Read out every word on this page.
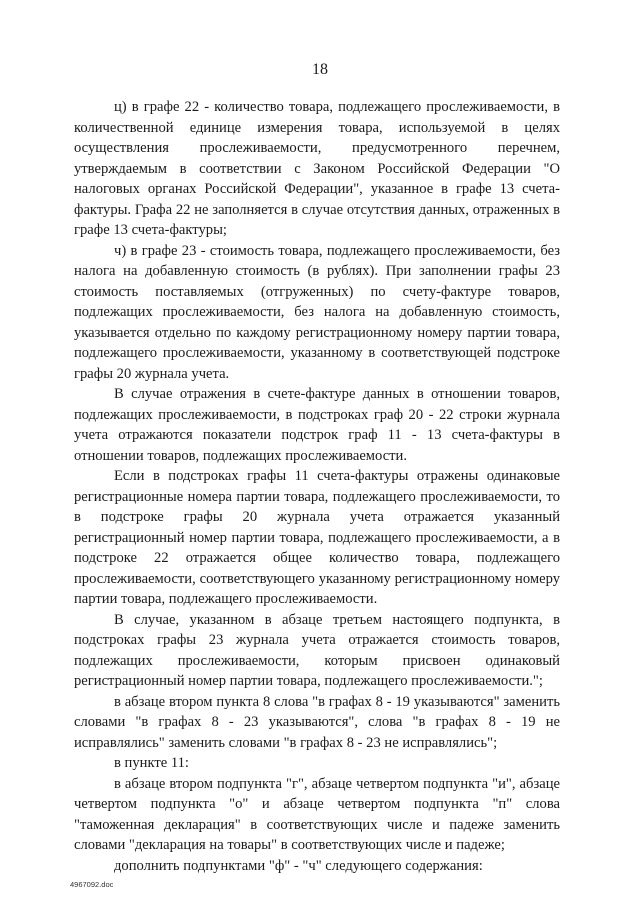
18

ц) в графе 22 - количество товара, подлежащего прослеживаемости, в количественной единице измерения товара, используемой в целях осуществления прослеживаемости, предусмотренного перечнем, утверждаемым в соответствии с Законом Российской Федерации "О налоговых органах Российской Федерации", указанное в графе 13 счета-фактуры. Графа 22 не заполняется в случае отсутствия данных, отраженных в графе 13 счета-фактуры;

ч) в графе 23 - стоимость товара, подлежащего прослеживаемости, без налога на добавленную стоимость (в рублях). При заполнении графы 23 стоимость поставляемых (отгруженных) по счету-фактуре товаров, подлежащих прослеживаемости, без налога на добавленную стоимость, указывается отдельно по каждому регистрационному номеру партии товара, подлежащего прослеживаемости, указанному в соответствующей подстроке графы 20 журнала учета.

В случае отражения в счете-фактуре данных в отношении товаров, подлежащих прослеживаемости, в подстроках граф 20 - 22 строки журнала учета отражаются показатели подстрок граф 11 - 13 счета-фактуры в отношении товаров, подлежащих прослеживаемости.

Если в подстроках графы 11 счета-фактуры отражены одинаковые регистрационные номера партии товара, подлежащего прослеживаемости, то в подстроке графы 20 журнала учета отражается указанный регистрационный номер партии товара, подлежащего прослеживаемости, а в подстроке 22 отражается общее количество товара, подлежащего прослеживаемости, соответствующего указанному регистрационному номеру партии товара, подлежащего прослеживаемости.

В случае, указанном в абзаце третьем настоящего подпункта, в подстроках графы 23 журнала учета отражается стоимость товаров, подлежащих прослеживаемости, которым присвоен одинаковый регистрационный номер партии товара, подлежащего прослеживаемости.";

в абзаце втором пункта 8 слова "в графах 8 - 19 указываются" заменить словами "в графах 8 - 23 указываются", слова "в графах 8 - 19 не исправлялись" заменить словами "в графах 8 - 23 не исправлялись";

в пункте 11:

в абзаце втором подпункта "г", абзаце четвертом подпункта "и", абзаце четвертом подпункта "о" и абзаце четвертом подпункта "п" слова "таможенная декларация" в соответствующих числе и падеже заменить словами "декларация на товары" в соответствующих числе и падеже;

дополнить подпунктами "ф" - "ч" следующего содержания:

4967092.doc
